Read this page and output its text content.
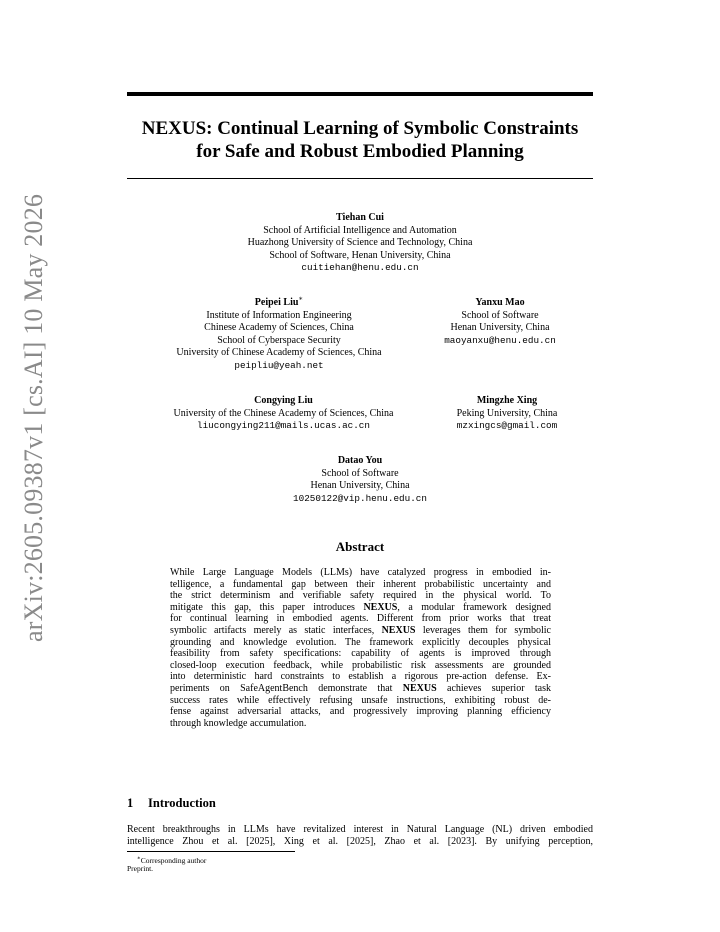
arXiv:2605.09387v1 [cs.AI] 10 May 2026
NEXUS: Continual Learning of Symbolic Constraints
for Safe and Robust Embodied Planning
Tiehan Cui
School of Artificial Intelligence and Automation
Huazhong University of Science and Technology, China
School of Software, Henan University, China
cuitiehan@henu.edu.cn
Peipei Liu∗
Institute of Information Engineering
Chinese Academy of Sciences, China
School of Cyberspace Security
University of Chinese Academy of Sciences, China
peipliu@yeah.net
Yanxu Mao
School of Software
Henan University, China
maoyanxu@henu.edu.cn
Congying Liu
University of the Chinese Academy of Sciences, China
liucongying211@mails.ucas.ac.cn
Mingzhe Xing
Peking University, China
mzxingcs@gmail.com
Datao You
School of Software
Henan University, China
10250122@vip.henu.edu.cn
Abstract
While Large Language Models (LLMs) have catalyzed progress in embodied in-
telligence, a fundamental gap between their inherent probabilistic uncertainty and
the strict determinism and verifiable safety required in the physical world. To
mitigate this gap, this paper introduces NEXUS, a modular framework designed
for continual learning in embodied agents. Different from prior works that treat
symbolic artifacts merely as static interfaces, NEXUS leverages them for symbolic
grounding and knowledge evolution. The framework explicitly decouples physical
feasibility from safety specifications: capability of agents is improved through
closed-loop execution feedback, while probabilistic risk assessments are grounded
into deterministic hard constraints to establish a rigorous pre-action defense. Ex-
periments on SafeAgentBench demonstrate that NEXUS achieves superior task
success rates while effectively refusing unsafe instructions, exhibiting robust de-
fense against adversarial attacks, and progressively improving planning efficiency
through knowledge accumulation.
1 Introduction
Recent breakthroughs in LLMs have revitalized interest in Natural Language (NL) driven embodied
intelligence Zhou et al. [2025], Xing et al. [2025], Zhao et al. [2023]. By unifying perception,
∗Corresponding author
Preprint.
